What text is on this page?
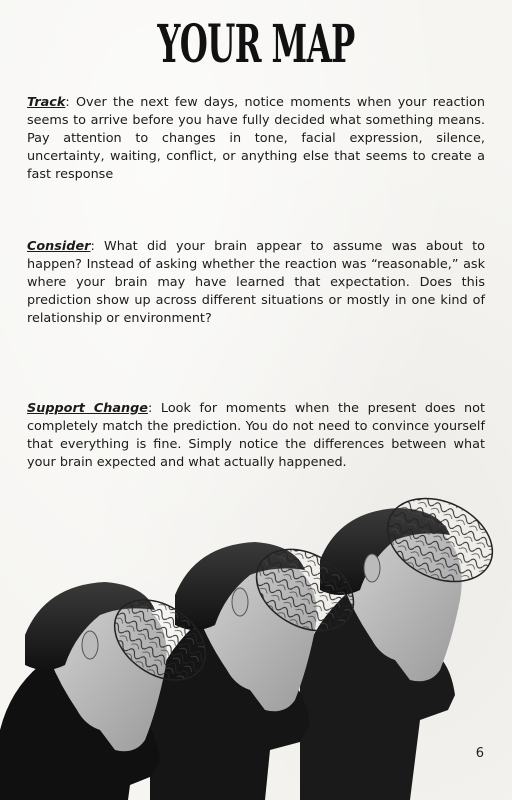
YOUR MAP

Track: Over the next few days, notice moments when your reaction seems to arrive before you have fully decided what something means. Pay attention to changes in tone, facial expression, silence, uncertainty, waiting, conflict, or anything else that seems to create a fast response

Consider: What did your brain appear to assume was about to happen? Instead of asking whether the reaction was “reasonable,” ask where your brain may have learned that expectation. Does this prediction show up across different situations or mostly in one kind of relationship or environment?

Support Change: Look for moments when the present does not completely match the prediction. You do not need to convince yourself that everything is fine. Simply notice the differences between what your brain expected and what actually happened.

6
